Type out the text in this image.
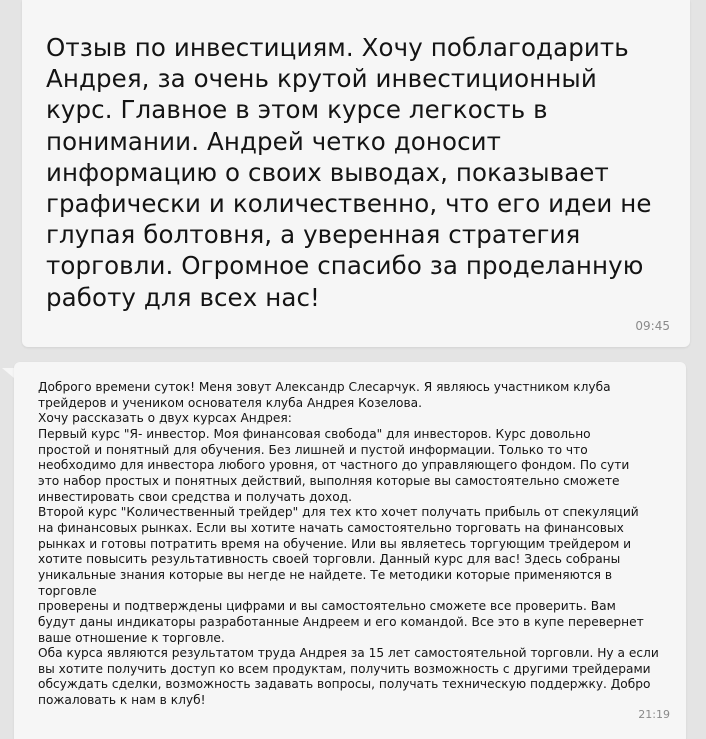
Отзыв по инвестициям. Хочу поблагодарить
Андрея, за очень крутой инвестиционный
курс. Главное в этом курсе легкость в
понимании. Андрей четко доносит
информацию о своих выводах, показывает
графически и количественно, что его идеи не
глупая болтовня, а уверенная стратегия
торговли. Огромное спасибо за проделанную
работу для всех нас!
09:45
Доброго времени суток! Меня зовут Александр Слесарчук. Я являюсь участником клуба
трейдеров и учеником основателя клуба Андрея Козелова.
Хочу рассказать о двух курсах Андрея:
Первый курс "Я- инвестор. Моя финансовая свобода" для инвесторов. Курс довольно
простой и понятный для обучения. Без лишней и пустой информации. Только то что
необходимо для инвестора любого уровня, от частного до управляющего фондом. По сути
это набор простых и понятных действий, выполняя которые вы самостоятельно сможете
инвестировать свои средства и получать доход.
Второй курс "Количественный трейдер" для тех кто хочет получать прибыль от спекуляций
на финансовых рынках. Если вы хотите начать самостоятельно торговать на финансовых
рынках и готовы потратить время на обучение. Или вы являетесь торгующим трейдером и
хотите повысить результативность своей торговли. Данный курс для вас! Здесь собраны
уникальные знания которые вы негде не найдете. Те методики которые применяются в
торговле
проверены и подтверждены цифрами и вы самостоятельно сможете все проверить. Вам
будут даны индикаторы разработанные Андреем и его командой. Все это в купе перевернет
ваше отношение к торговле.
Оба курса являются результатом труда Андрея за 15 лет самостоятельной торговли. Ну а если
вы хотите получить доступ ко всем продуктам, получить возможность с другими трейдерами
обсуждать сделки, возможность задавать вопросы, получать техническую поддержку. Добро
пожаловать к нам в клуб!
21:19
